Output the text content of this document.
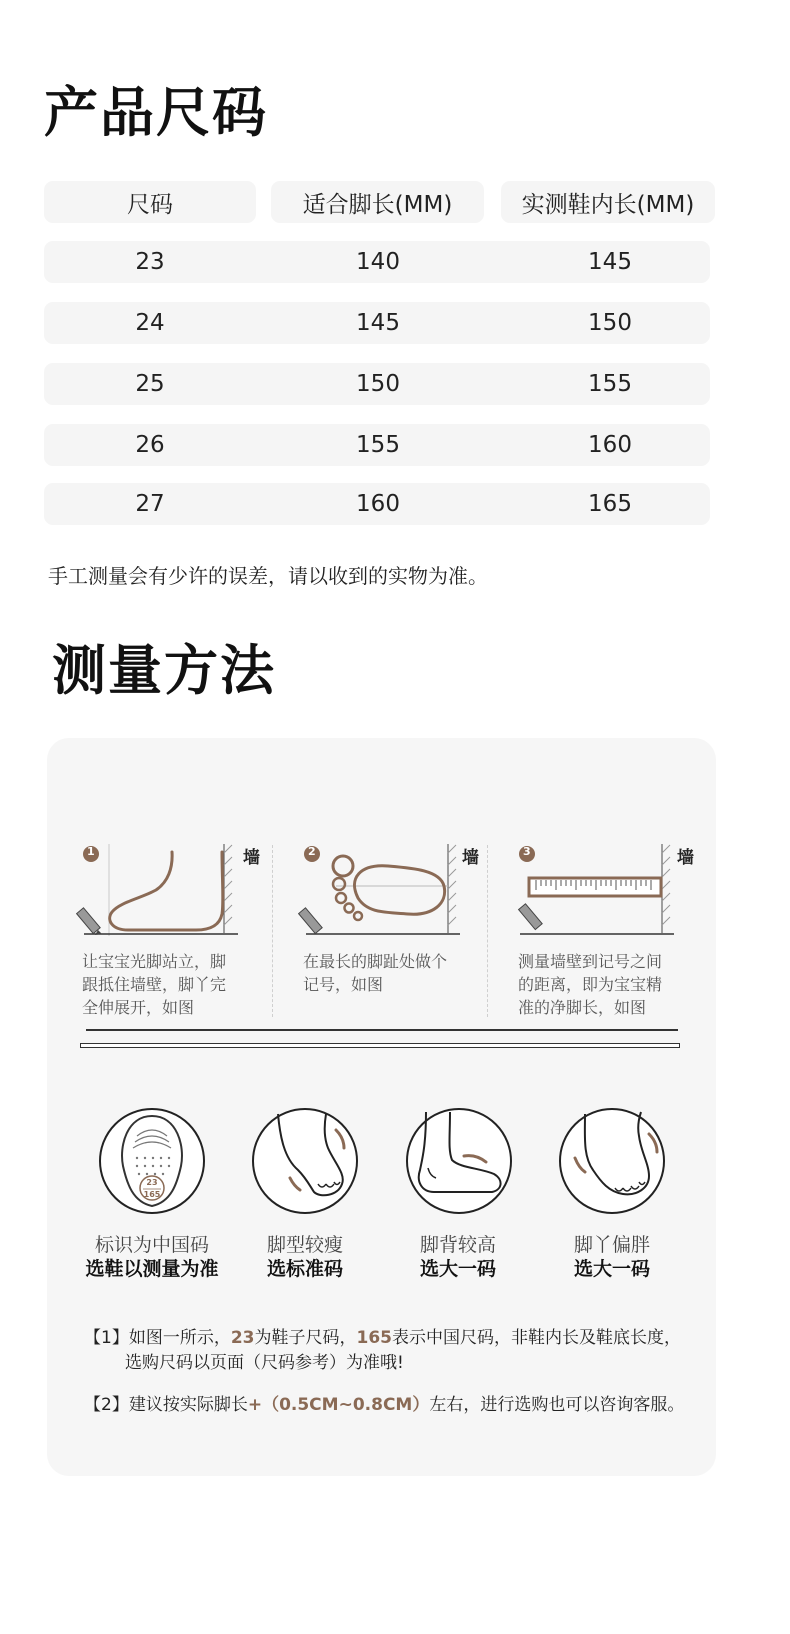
产品尺码
尺码	适合脚长(MM)	实测鞋内长(MM)
23	140	145
24	145	150
25	150	155
26	155	160
27	160	165
手工测量会有少许的误差，请以收到的实物为准。
测量方法
1	墙	2	墙	3	墙
让宝宝光脚站立，脚
跟抵住墙壁，脚丫完
全伸展开，如图
在最长的脚趾处做个
记号，如图
测量墙壁到记号之间
的距离，即为宝宝精
准的净脚长，如图
23
165
标识为中国码
选鞋以测量为准
脚型较瘦
选标准码
脚背较高
选大一码
脚丫偏胖
选大一码
【1】如图一所示，23为鞋子尺码，165表示中国尺码，非鞋内长及鞋底长度，
选购尺码以页面（尺码参考）为准哦!
【2】建议按实际脚长+（0.5CM~0.8CM）左右，进行选购也可以咨询客服。
